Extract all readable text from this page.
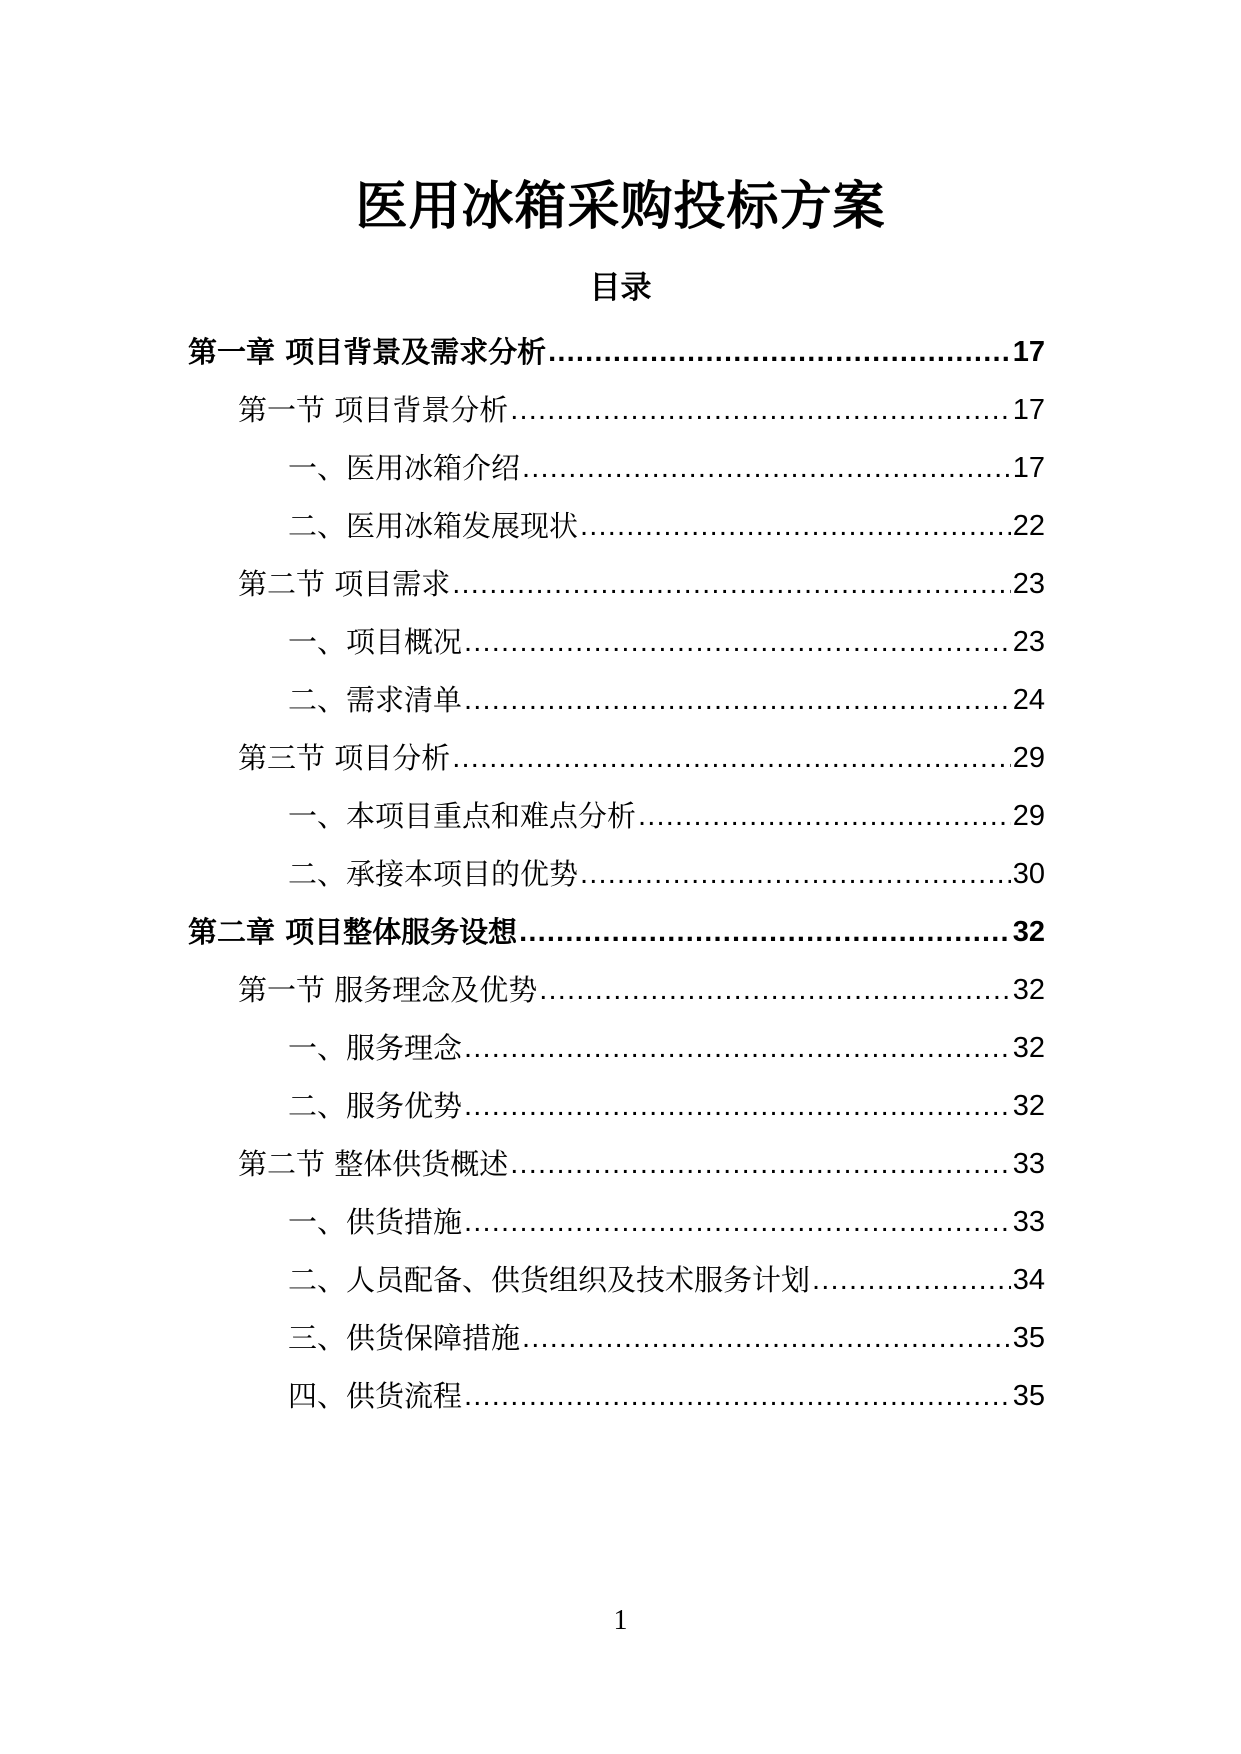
医用冰箱采购投标方案
目录
第一章 项目背景及需求分析 .....	17
第一节 项目背景分析 .....	17
一、医用冰箱介绍 .....	17
二、医用冰箱发展现状 .....	22
第二节 项目需求 .....	23
一、项目概况 .....	23
二、需求清单 .....	24
第三节 项目分析 .....	29
一、本项目重点和难点分析 .....	29
二、承接本项目的优势 .....	30
第二章 项目整体服务设想 .....	32
第一节 服务理念及优势 .....	32
一、服务理念 .....	32
二、服务优势 .....	32
第二节 整体供货概述 .....	33
一、供货措施 .....	33
二、人员配备、供货组织及技术服务计划 .....	34
三、供货保障措施 .....	35
四、供货流程 .....	35
1
